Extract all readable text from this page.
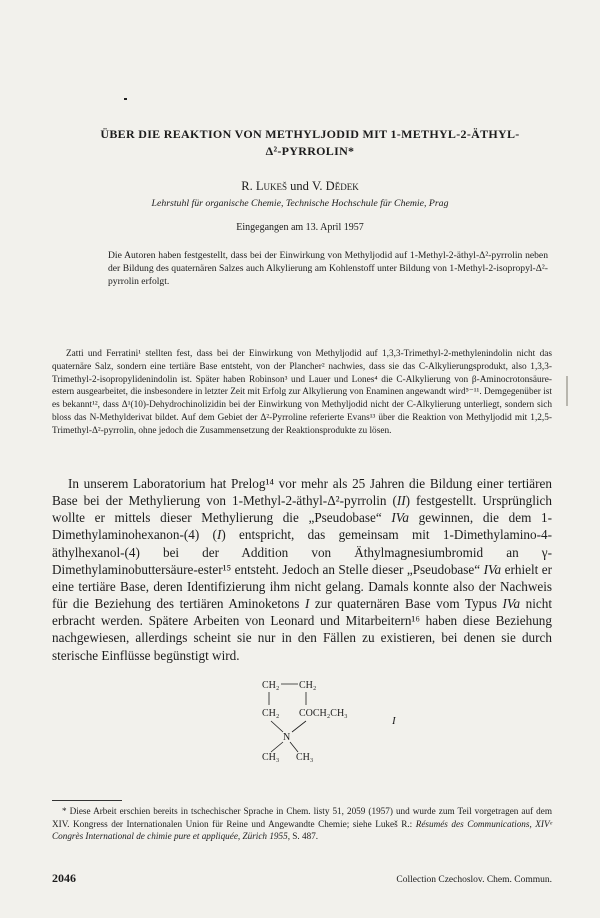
ÜBER DIE REAKTION VON METHYLJODID MIT 1-METHYL-2-ÄTHYL-
Δ²-PYRROLIN*
R. Lukeš und V. Dědek
Lehrstuhl für organische Chemie, Technische Hochschule für Chemie, Prag
Eingegangen am 13. April 1957

Die Autoren haben festgestellt, dass bei der Einwirkung von Methyljodid auf 1-Methyl-2-äthyl-Δ²-pyrrolin neben der Bildung des quaternären Salzes auch Alkylierung am Kohlenstoff unter Bildung von 1-Methyl-2-isopropyl-Δ²-pyrrolin erfolgt.

Zatti und Ferratini¹ stellten fest, dass bei der Einwirkung von Methyljodid auf 1,3,3-Trimethyl-2-methylenindolin nicht das quaternäre Salz, sondern eine tertiäre Base entsteht, von der Plancher² nachwies, dass sie das C-Alkylierungsprodukt, also 1,3,3-Trimethyl-2-isopropylidenindolin ist. Später haben Robinson³ und Lauer und Lones⁴ die C-Alkylierung von β-Aminocrotonsäure-estern ausgearbeitet, die insbesondere in letzter Zeit mit Erfolg zur Alkylierung von Enaminen angewandt wird⁵⁻¹¹. Demgegenüber ist es bekannt¹², dass Δ¹(10)-Dehydrochinolizidin bei der Einwirkung von Methyljodid nicht der C-Alkylierung unterliegt, sondern sich bloss das N-Methylderivat bildet. Auf dem Gebiet der Δ²-Pyrroline referierte Evans¹³ über die Reaktion von Methyljodid mit 1,2,5-Trimethyl-Δ²-pyrrolin, ohne jedoch die Zusammensetzung der Reaktionsprodukte zu lösen.

In unserem Laboratorium hat Prelog¹⁴ vor mehr als 25 Jahren die Bildung einer tertiären Base bei der Methylierung von 1-Methyl-2-äthyl-Δ²-pyrrolin (II) festgestellt. Ursprünglich wollte er mittels dieser Methylierung die „Pseudobase“ IVa gewinnen, die dem 1-Dimethylaminohexanon-(4) (I) entspricht, das gemeinsam mit 1-Dimethylamino-4-äthylhexanol-(4) bei der Addition von Äthylmagnesiumbromid an γ-Dimethylaminobuttersäure-ester¹⁵ entsteht. Jedoch an Stelle dieser „Pseudobase“ IVa erhielt er eine tertiäre Base, deren Identifizierung ihm nicht gelang. Damals konnte also der Nachweis für die Beziehung des tertiären Aminoketons I zur quaternären Base vom Typus IVa nicht erbracht werden. Spätere Arbeiten von Leonard und Mitarbeitern¹⁶ haben diese Beziehung nachgewiesen, allerdings scheint sie nur in den Fällen zu existieren, bei denen sie durch sterische Einflüsse begünstigt wird.

CH₂ CH₂
CH₂ COCH₂CH₃
N
CH₃ CH₃
I

* Diese Arbeit erschien bereits in tschechischer Sprache in Chem. listy 51, 2059 (1957) und wurde zum Teil vorgetragen auf dem XIV. Kongress der Internationalen Union für Reine und Angewandte Chemie; siehe Lukeš R.: Résumés des Communications, XIVᵉ Congrès International de chimie pure et appliquée, Zürich 1955, S. 487.

2046	Collection Czechoslov. Chem. Commun.
